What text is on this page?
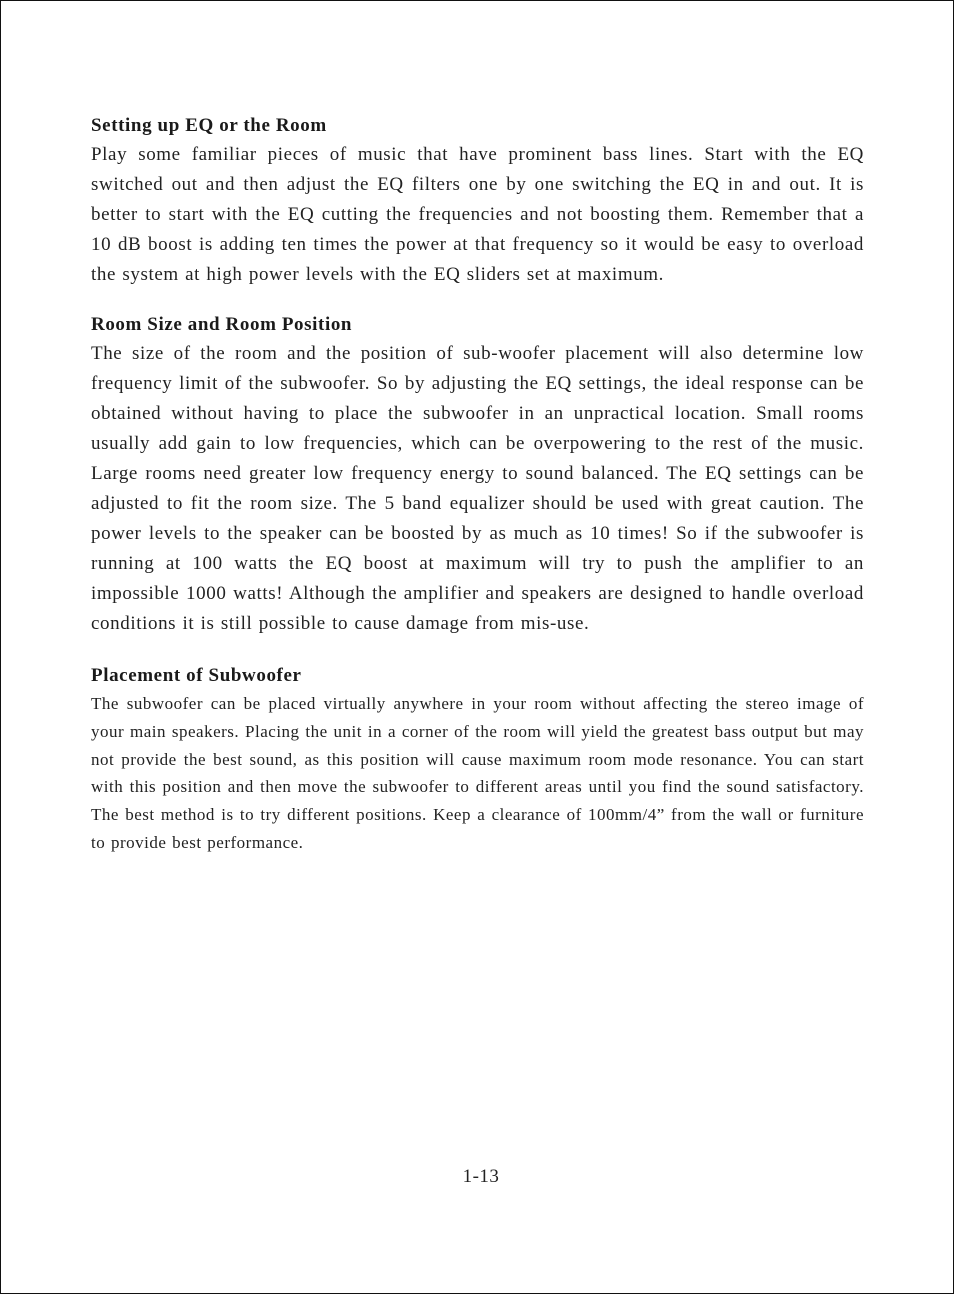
Setting up EQ or the Room

Play some familiar pieces of music that have prominent bass lines. Start with the EQ switched out and then adjust the EQ filters one by one switching the EQ in and out. It is better to start with the EQ cutting the frequencies and not boosting them. Remember that a 10 dB boost is adding ten times the power at that frequency so it would be easy to overload the system at high power levels with the EQ sliders set at maximum.

Room Size and Room Position

The size of the room and the position of sub-woofer placement will also determine low frequency limit of the subwoofer. So by adjusting the EQ settings, the ideal response can be obtained without having to place the subwoofer in an unpractical location. Small rooms usually add gain to low frequencies, which can be overpowering to the rest of the music. Large rooms need greater low frequency energy to sound balanced. The EQ settings can be adjusted to fit the room size. The 5 band equalizer should be used with great caution. The power levels to the speaker can be boosted by as much as 10 times! So if the subwoofer is running at 100 watts the EQ boost at maximum will try to push the amplifier to an impossible 1000 watts! Although the amplifier and speakers are designed to handle overload conditions it is still possible to cause damage from mis-use.

Placement of Subwoofer

The subwoofer can be placed virtually anywhere in your room without affecting the stereo image of your main speakers. Placing the unit in a corner of the room will yield the greatest bass output but may not provide the best sound, as this position will cause maximum room mode resonance. You can start with this position and then move the subwoofer to different areas until you find the sound satisfactory. The best method is to try different positions. Keep a clearance of 100mm/4” from the wall or furniture to provide best performance.

1-13
